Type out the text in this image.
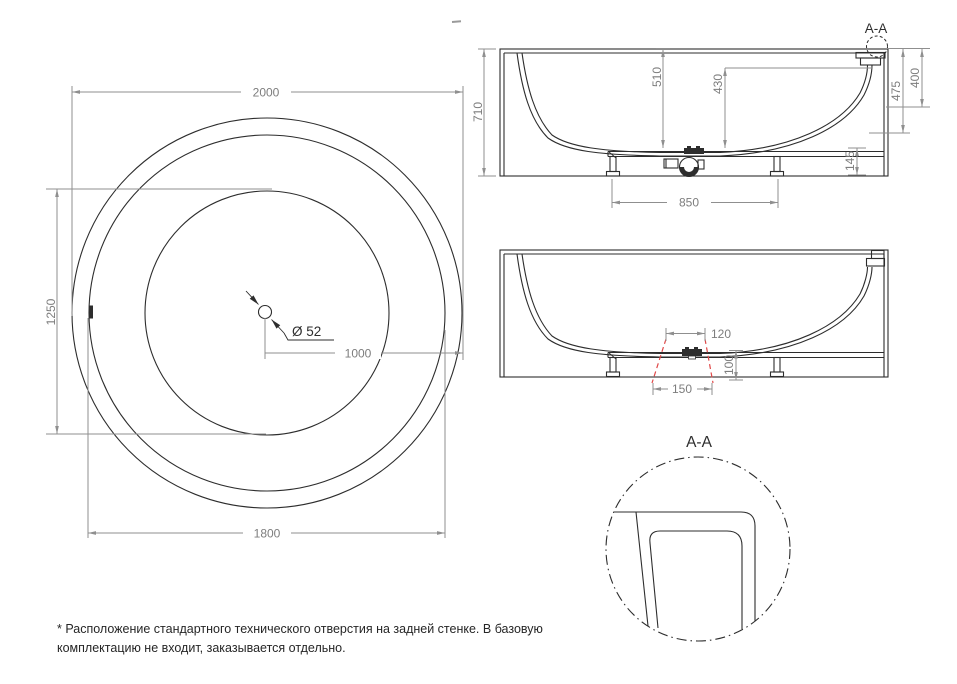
Ø 52
2000
1250
1800
1000
A-A
710
510	430	475
400
145
850
120
150
100
A-A
* Расположение стандартного технического отверстия на задней стенке. В базовую комплектацию не входит, заказывается отдельно.
